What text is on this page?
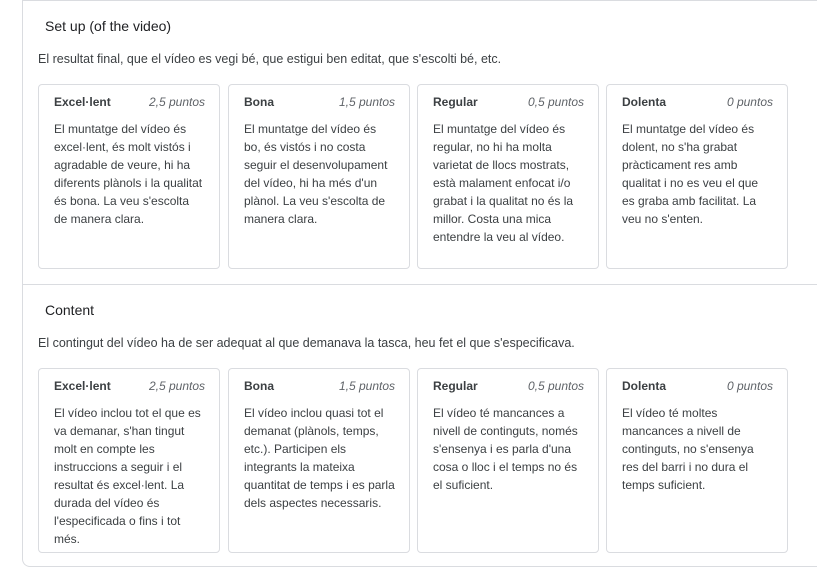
Set up (of the video)

El resultat final, que el vídeo es vegi bé, que estigui ben editat, que s'escolti bé, etc.

Excel·lent	2,5 puntos
El muntatge del vídeo és excel·lent, és molt vistós i agradable de veure, hi ha diferents plànols i la qualitat és bona. La veu s'escolta de manera clara.
Bona	1,5 puntos
El muntatge del vídeo és bo, és vistós i no costa seguir el desenvolupament del vídeo, hi ha més d'un plànol. La veu s'escolta de manera clara.
Regular	0,5 puntos
El muntatge del vídeo és regular, no hi ha molta varietat de llocs mostrats, està malament enfocat i/o grabat i la qualitat no és la millor. Costa una mica entendre la veu al vídeo.
Dolenta	0 puntos
El muntatge del vídeo és dolent, no s'ha grabat pràcticament res amb qualitat i no es veu el que es graba amb facilitat. La veu no s'enten.
Content

El contingut del vídeo ha de ser adequat al que demanava la tasca, heu fet el que s'especificava.

Excel·lent	2,5 puntos
El vídeo inclou tot el que es va demanar, s'han tingut molt en compte les instruccions a seguir i el resultat és excel·lent. La durada del vídeo és l'especificada o fins i tot més.
Bona	1,5 puntos
El vídeo inclou quasi tot el demanat (plànols, temps, etc.). Participen els integrants la mateixa quantitat de temps i es parla dels aspectes necessaris.
Regular	0,5 puntos
El vídeo té mancances a nivell de continguts, només s'ensenya i es parla d'una cosa o lloc i el temps no és el suficient.
Dolenta	0 puntos
El vídeo té moltes mancances a nivell de continguts, no s'ensenya res del barri i no dura el temps suficient.
